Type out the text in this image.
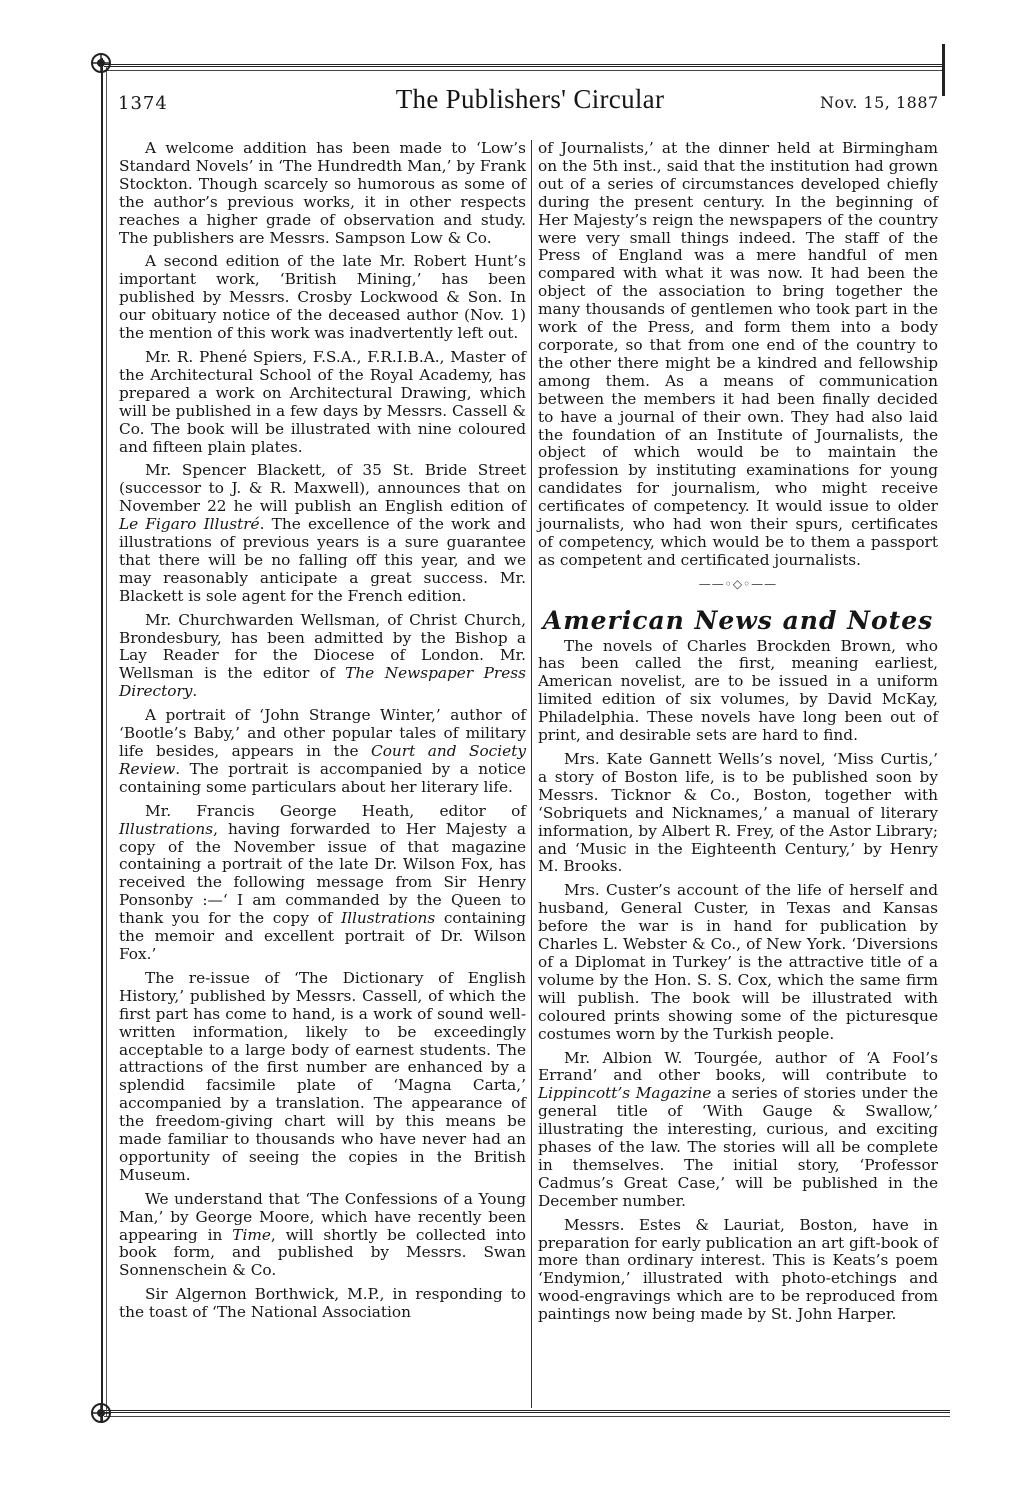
1374	The Publishers' Circular	Nov. 15, 1887

A welcome addition has been made to ‘Low’s Standard Novels’ in ‘The Hundredth Man,’ by Frank Stockton. Though scarcely so humorous as some of the author’s previous works, it in other respects reaches a higher grade of observation and study. The publishers are Messrs. Sampson Low & Co.

A second edition of the late Mr. Robert Hunt’s important work, ‘British Mining,’ has been published by Messrs. Crosby Lockwood & Son. In our obituary notice of the deceased author (Nov. 1) the mention of this work was inadvertently left out.

Mr. R. Phené Spiers, F.S.A., F.R.I.B.A., Master of the Architectural School of the Royal Academy, has prepared a work on Architectural Drawing, which will be published in a few days by Messrs. Cassell & Co. The book will be illustrated with nine coloured and fifteen plain plates.

Mr. Spencer Blackett, of 35 St. Bride Street (successor to J. & R. Maxwell), announces that on November 22 he will publish an English edition of Le Figaro Illustré. The excellence of the work and illustrations of previous years is a sure guarantee that there will be no falling off this year, and we may reasonably anticipate a great success. Mr. Blackett is sole agent for the French edition.

Mr. Churchwarden Wellsman, of Christ Church, Brondesbury, has been admitted by the Bishop a Lay Reader for the Diocese of London. Mr. Wellsman is the editor of The Newspaper Press Directory.

A portrait of ‘John Strange Winter,’ author of ‘Bootle’s Baby,’ and other popular tales of military life besides, appears in the Court and Society Review. The portrait is accompanied by a notice containing some particulars about her literary life.

Mr. Francis George Heath, editor of Illustrations, having forwarded to Her Majesty a copy of the November issue of that magazine containing a portrait of the late Dr. Wilson Fox, has received the following message from Sir Henry Ponsonby :—‘ I am commanded by the Queen to thank you for the copy of Illustrations containing the memoir and excellent portrait of Dr. Wilson Fox.’

The re-issue of ‘The Dictionary of English History,’ published by Messrs. Cassell, of which the first part has come to hand, is a work of sound well-written information, likely to be exceedingly acceptable to a large body of earnest students. The attractions of the first number are enhanced by a splendid facsimile plate of ‘Magna Carta,’ accompanied by a translation. The appearance of the freedom-giving chart will by this means be made familiar to thousands who have never had an opportunity of seeing the copies in the British Museum.

We understand that ‘The Confessions of a Young Man,’ by George Moore, which have recently been appearing in Time, will shortly be collected into book form, and published by Messrs. Swan Sonnenschein & Co.

Sir Algernon Borthwick, M.P., in responding to the toast of ‘The National Association

of Journalists,’ at the dinner held at Birmingham on the 5th inst., said that the institution had grown out of a series of circumstances developed chiefly during the present century. In the beginning of Her Majesty’s reign the newspapers of the country were very small things indeed. The staff of the Press of England was a mere handful of men compared with what it was now. It had been the object of the association to bring together the many thousands of gentlemen who took part in the work of the Press, and form them into a body corporate, so that from one end of the country to the other there might be a kindred and fellowship among them. As a means of communication between the members it had been finally decided to have a journal of their own. They had also laid the foundation of an Institute of Journalists, the object of which would be to maintain the profession by instituting examinations for young candidates for journalism, who might receive certificates of competency. It would issue to older journalists, who had won their spurs, certificates of competency, which would be to them a passport as competent and certificated journalists.

——◦◇◦——
American News and Notes

The novels of Charles Brockden Brown, who has been called the first, meaning earliest, American novelist, are to be issued in a uniform limited edition of six volumes, by David McKay, Philadelphia. These novels have long been out of print, and desirable sets are hard to find.

Mrs. Kate Gannett Wells’s novel, ‘Miss Curtis,’ a story of Boston life, is to be published soon by Messrs. Ticknor & Co., Boston, together with ‘Sobriquets and Nicknames,’ a manual of literary information, by Albert R. Frey, of the Astor Library; and ‘Music in the Eighteenth Century,’ by Henry M. Brooks.

Mrs. Custer’s account of the life of herself and husband, General Custer, in Texas and Kansas before the war is in hand for publication by Charles L. Webster & Co., of New York. ‘Diversions of a Diplomat in Turkey’ is the attractive title of a volume by the Hon. S. S. Cox, which the same firm will publish. The book will be illustrated with coloured prints showing some of the picturesque costumes worn by the Turkish people.

Mr. Albion W. Tourgée, author of ‘A Fool’s Errand’ and other books, will contribute to Lippincott’s Magazine a series of stories under the general title of ‘With Gauge & Swallow,’ illustrating the interesting, curious, and exciting phases of the law. The stories will all be complete in themselves. The initial story, ‘Professor Cadmus’s Great Case,’ will be published in the December number.

Messrs. Estes & Lauriat, Boston, have in preparation for early publication an art gift-book of more than ordinary interest. This is Keats’s poem ‘Endymion,’ illustrated with photo-etchings and wood-engravings which are to be reproduced from paintings now being made by St. John Harper.
